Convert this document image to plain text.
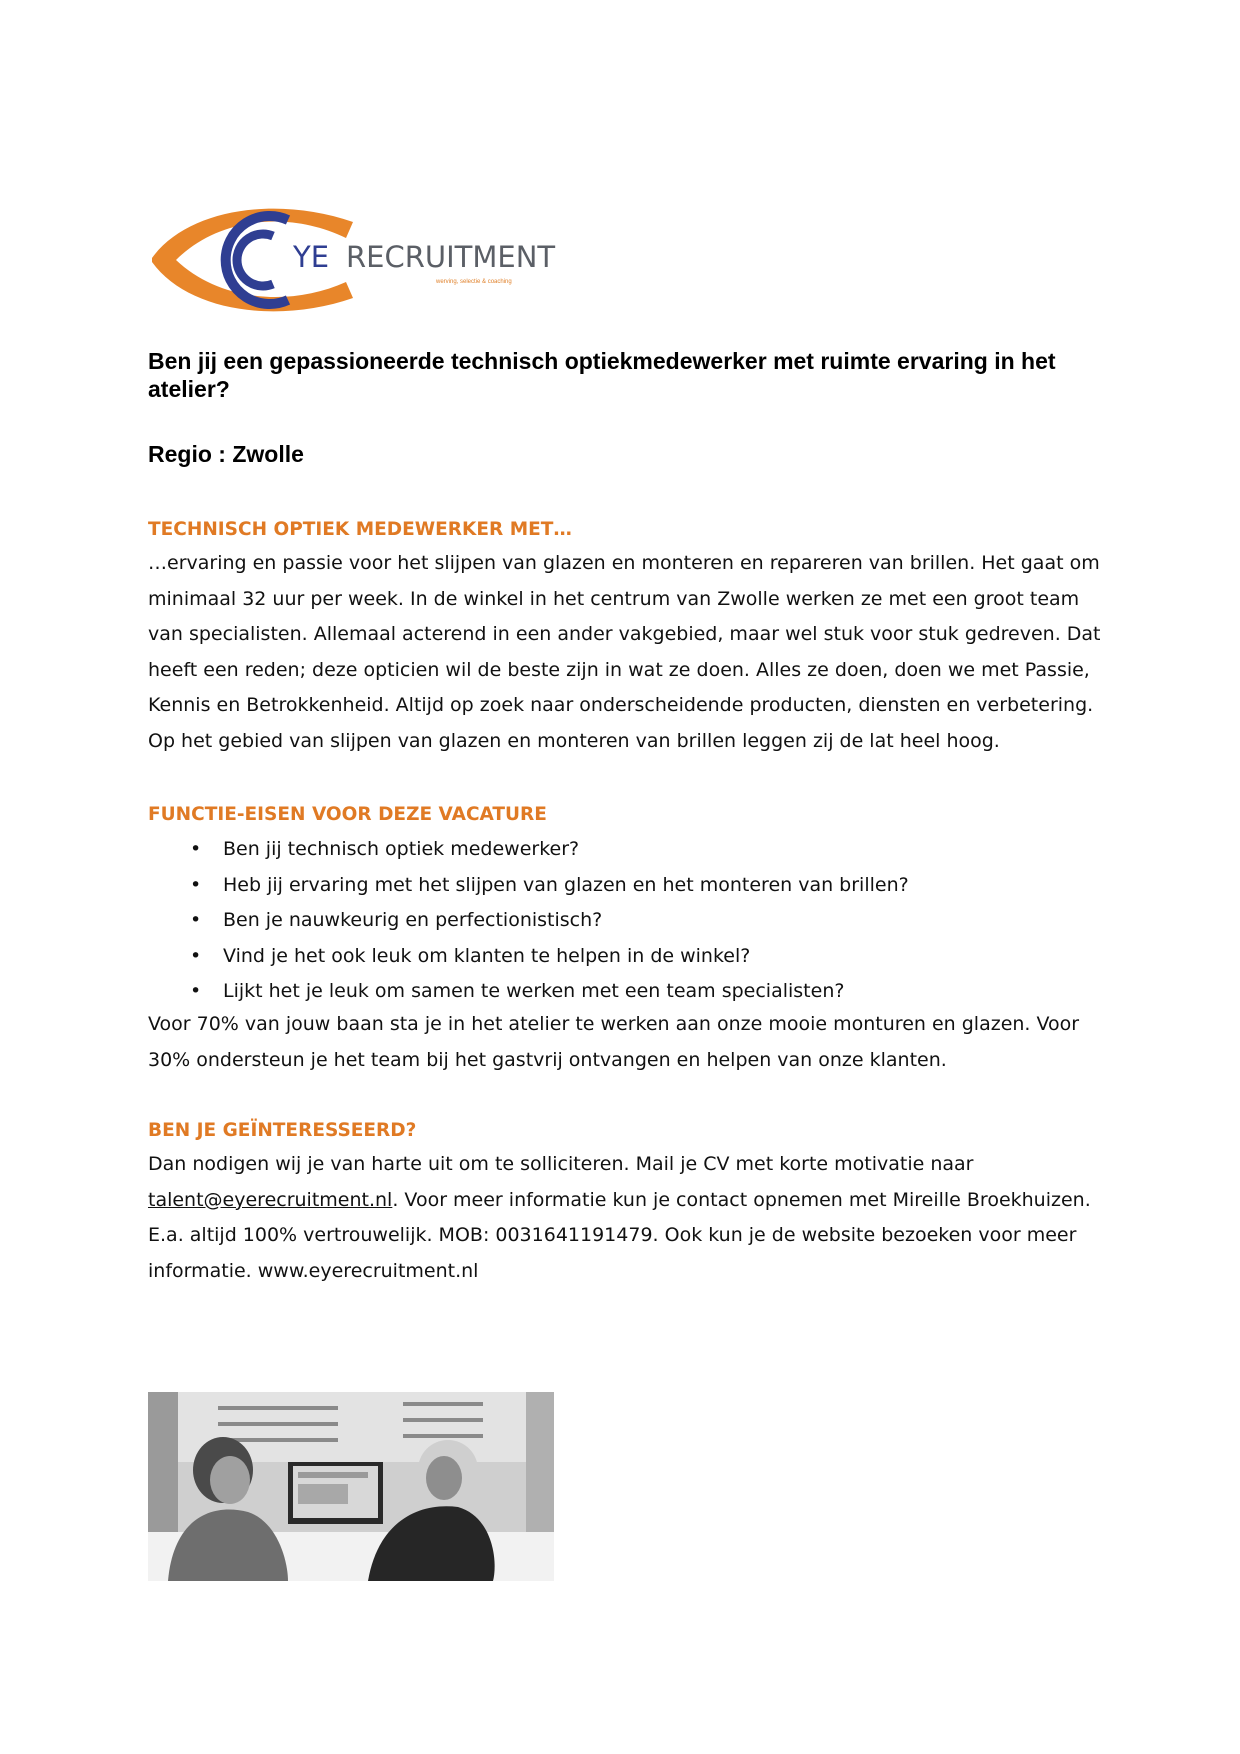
YE RECRUITMENT
werving, selectie & coaching
Ben jij een gepassioneerde technisch optiekmedewerker met ruimte ervaring in het atelier?
Regio : Zwolle
TECHNISCH OPTIEK MEDEWERKER MET…
…ervaring en passie voor het slijpen van glazen en monteren en repareren van brillen. Het gaat om minimaal 32 uur per week. In de winkel in het centrum van Zwolle werken ze met een groot team van specialisten. Allemaal acterend in een ander vakgebied, maar wel stuk voor stuk gedreven. Dat heeft een reden; deze opticien wil de beste zijn in wat ze doen. Alles ze doen, doen we met Passie, Kennis en Betrokkenheid. Altijd op zoek naar onderscheidende producten, diensten en verbetering. Op het gebied van slijpen van glazen en monteren van brillen leggen zij de lat heel hoog.
FUNCTIE-EISEN VOOR DEZE VACATURE
• Ben jij technisch optiek medewerker?
• Heb jij ervaring met het slijpen van glazen en het monteren van brillen?
• Ben je nauwkeurig en perfectionistisch?
• Vind je het ook leuk om klanten te helpen in de winkel?
• Lijkt het je leuk om samen te werken met een team specialisten?
Voor 70% van jouw baan sta je in het atelier te werken aan onze mooie monturen en glazen. Voor 30% ondersteun je het team bij het gastvrij ontvangen en helpen van onze klanten.
BEN JE GEÏNTERESSEERD?
Dan nodigen wij je van harte uit om te solliciteren. Mail je CV met korte motivatie naar talent@eyerecruitment.nl. Voor meer informatie kun je contact opnemen met Mireille Broekhuizen. E.a. altijd 100% vertrouwelijk. MOB: 0031641191479. Ook kun je de website bezoeken voor meer informatie. www.eyerecruitment.nl
